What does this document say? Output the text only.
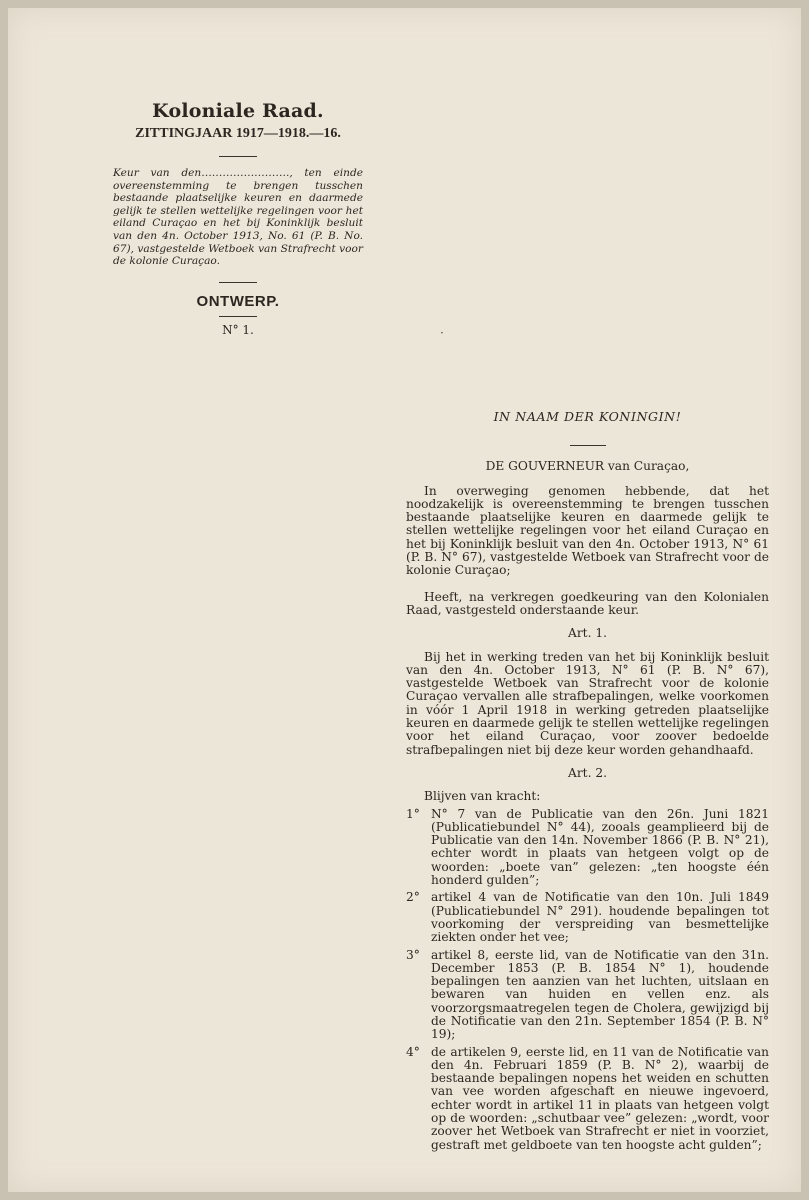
Koloniale Raad.
ZITTINGJAAR 1917—1918.—16.
Keur van den……………………., ten einde overeenstemming te brengen tusschen bestaande plaatselijke keuren en daarmede gelijk te stellen wettelijke regelingen voor het eiland Curaçao en het bij Koninklijk besluit van den 4n. October 1913, No. 61 (P. B. No. 67), vastgestelde Wetboek van Strafrecht voor de kolonie Curaçao.
ONTWERP.
N° 1.	·
IN NAAM DER KONINGIN!
DE GOUVERNEUR van Curaçao,

In overweging genomen hebbende, dat het noodzakelijk is overeenstemming te brengen tusschen bestaande plaatselijke keuren en daarmede gelijk te stellen wettelijke regelingen voor het eiland Curaçao en het bij Koninklijk besluit van den 4n. October 1913, N° 61 (P. B. N° 67), vastgestelde Wetboek van Strafrecht voor de kolonie Curaçao;

Heeft, na verkregen goedkeuring van den Kolonialen Raad, vastgesteld onderstaande keur.

Art. 1.

Bij het in werking treden van het bij Koninklijk besluit van den 4n. October 1913, N° 61 (P. B. N° 67), vastgestelde Wetboek van Strafrecht voor de kolonie Curaçao vervallen alle strafbepalingen, welke voorkomen in vóór 1 April 1918 in werking getreden plaatselijke keuren en daarmede gelijk te stellen wettelijke regelingen voor het eiland Curaçao, voor zoover bedoelde strafbepalingen niet bij deze keur worden gehandhaafd.

Art. 2.

Blijven van kracht:

1° N° 7 van de Publicatie van den 26n. Juni 1821 (Publicatiebundel N° 44), zooals geamplieerd bij de Publicatie van den 14n. November 1866 (P. B. N° 21), echter wordt in plaats van hetgeen volgt op de woorden: „boete van” gelezen: „ten hoogste één honderd gulden”;
2° artikel 4 van de Notificatie van den 10n. Juli 1849 (Publicatiebundel N° 291). houdende bepalingen tot voorkoming der verspreiding van besmettelijke ziekten onder het vee;
3° artikel 8, eerste lid, van de Notificatie van den 31n. December 1853 (P. B. 1854 N° 1), houdende bepalingen ten aanzien van het luchten, uitslaan en bewaren van huiden en vellen enz. als voorzorgsmaatregelen tegen de Cholera, gewijzigd bij de Notificatie van den 21n. September 1854 (P. B. N° 19);
4° de artikelen 9, eerste lid, en 11 van de Notificatie van den 4n. Februari 1859 (P. B. N° 2), waarbij de bestaande bepalingen nopens het weiden en schutten van vee worden afgeschaft en nieuwe ingevoerd, echter wordt in artikel 11 in plaats van hetgeen volgt op de woorden: „schutbaar vee” gelezen: „wordt, voor zoover het Wetboek van Strafrecht er niet in voorziet, gestraft met geldboete van ten hoogste acht gulden”;
